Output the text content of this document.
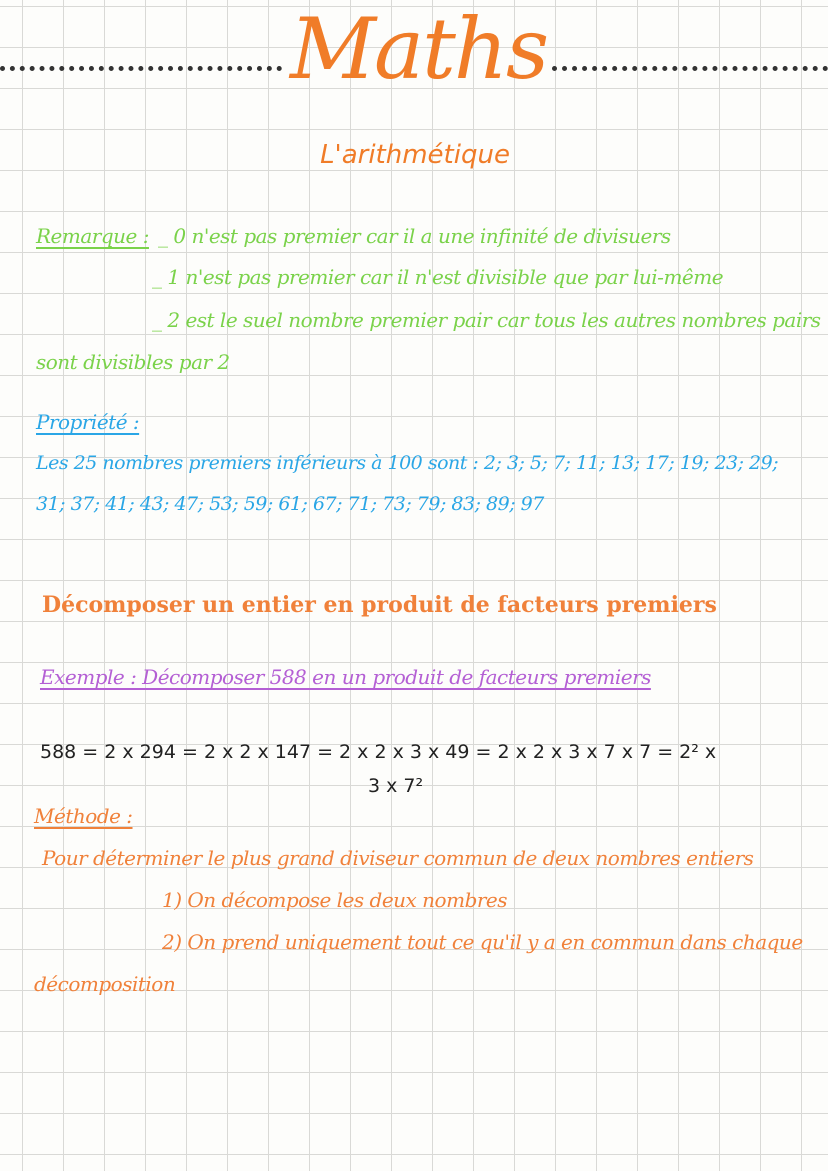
Maths
L'arithmétique
Remarque : _ 0 n'est pas premier car il a une infinité de divisuers
_ 1 n'est pas premier car il n'est divisible que par lui-même
_ 2 est le suel nombre premier pair car tous les autres nombres pairs
sont divisibles par 2
Propriété :
Les 25 nombres premiers inférieurs à 100 sont : 2; 3; 5; 7; 11; 13; 17; 19; 23; 29;
31; 37; 41; 43; 47; 53; 59; 61; 67; 71; 73; 79; 83; 89; 97
Décomposer un entier en produit de facteurs premiers
Exemple : Décomposer 588 en un produit de facteurs premiers
588 = 2 x 294 = 2 x 2 x 147 = 2 x 2 x 3 x 49 = 2 x 2 x 3 x 7 x 7 = 2² x
3 x 7²
Méthode :
Pour déterminer le plus grand diviseur commun de deux nombres entiers
1) On décompose les deux nombres
2) On prend uniquement tout ce qu'il y a en commun dans chaque
décomposition
